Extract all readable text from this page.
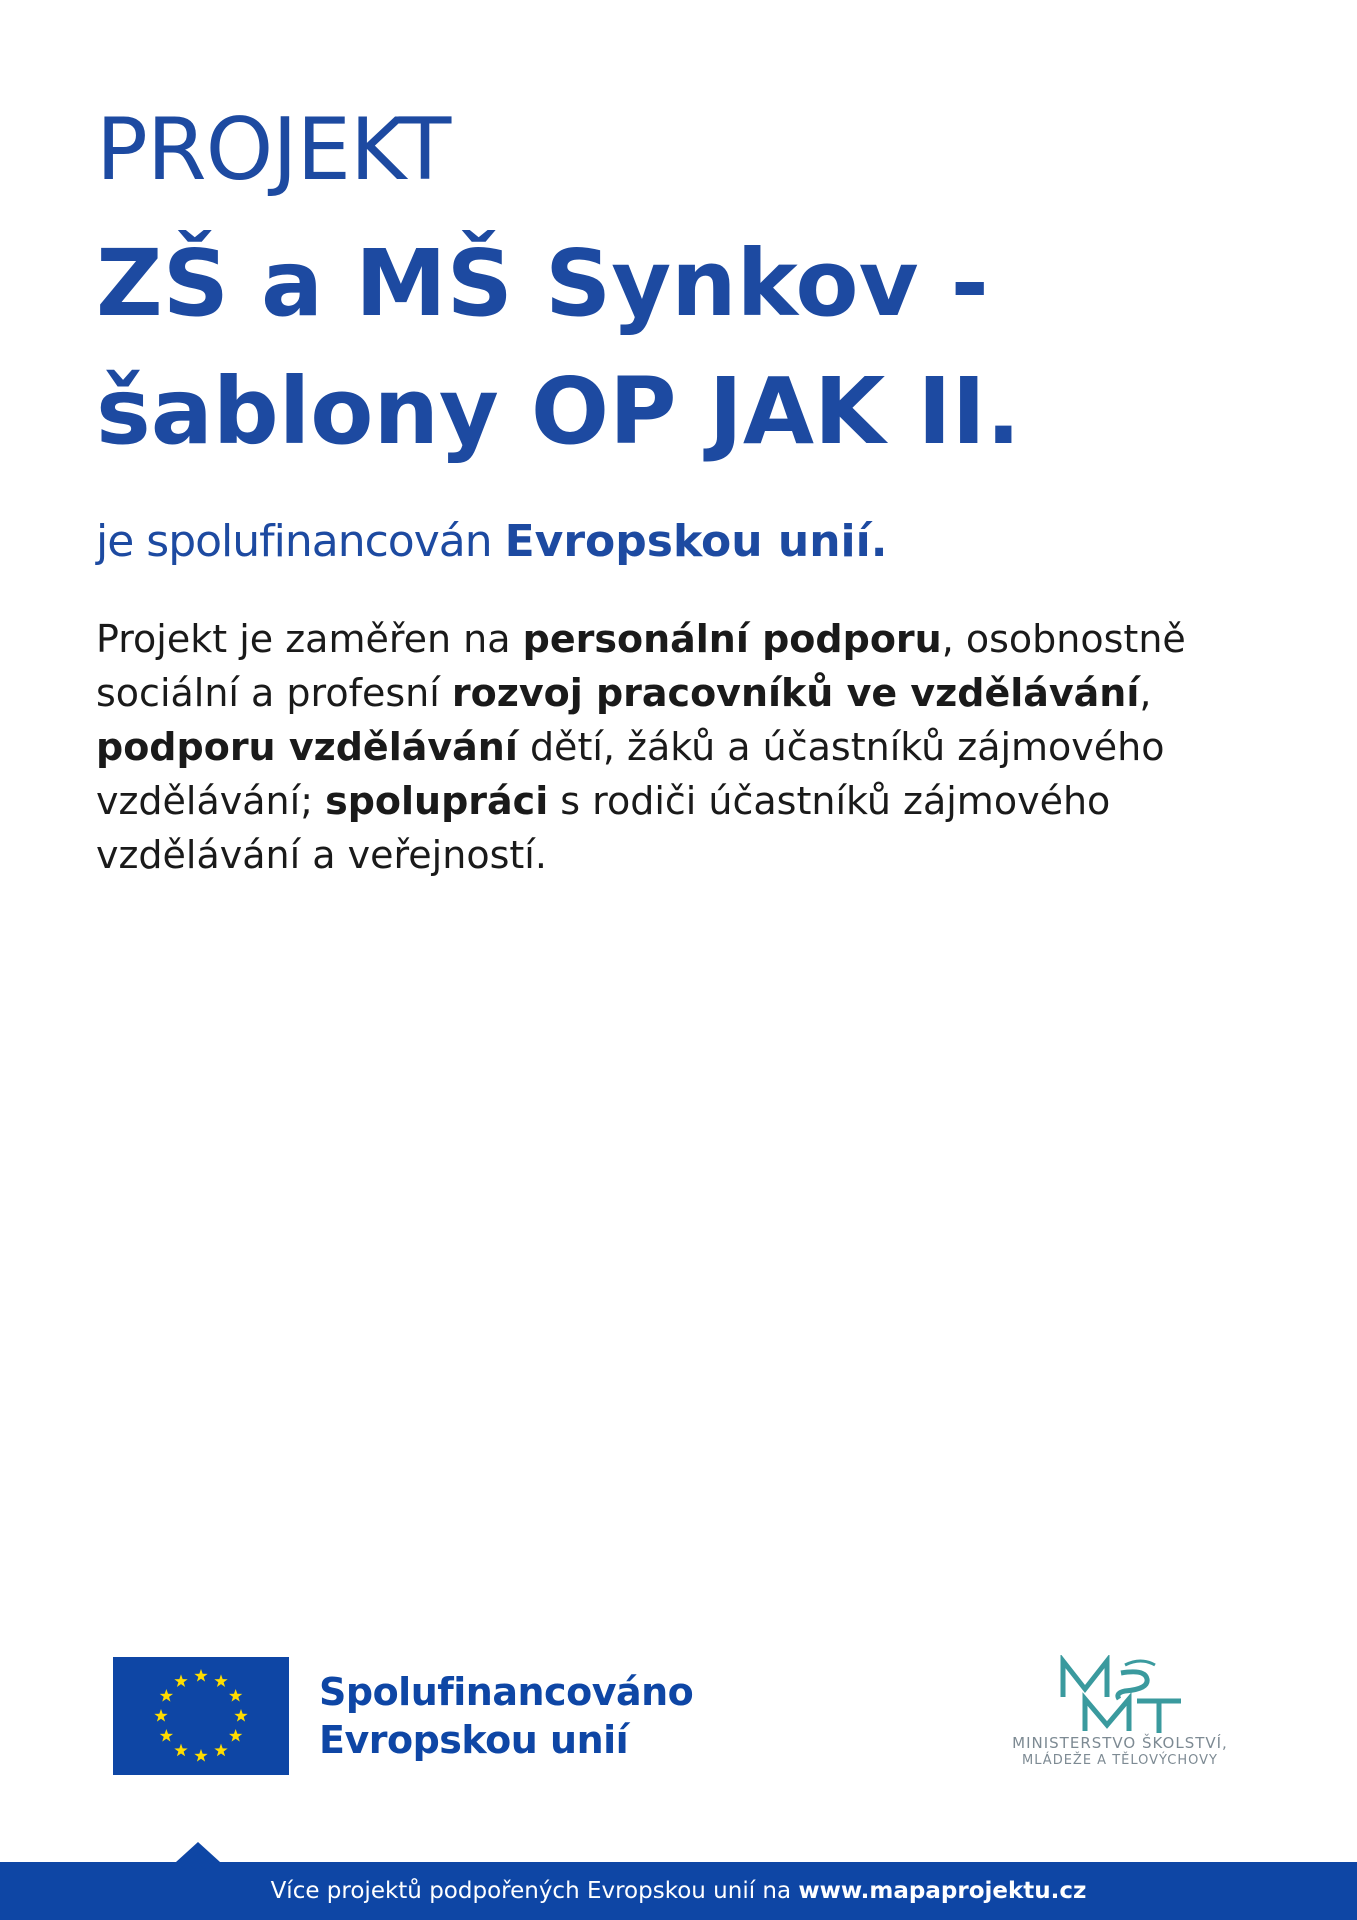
PROJEKT
ZŠ a MŠ Synkov -
šablony OP JAK II.

je spolufinancován Evropskou unií.

Projekt je zaměřen na personální podporu, osobnostně
sociální a profesní rozvoj pracovníků ve vzdělávání,
podporu vzdělávání dětí, žáků a účastníků zájmového
vzdělávání; spolupráci s rodiči účastníků zájmového
vzdělávání a veřejností.

Spolufinancováno
Evropskou unií	MINISTERSTVO ŠKOLSTVÍ,
MLÁDEŽE A TĚLOVÝCHOVY
Více projektů podpořených Evropskou unií na www.mapaprojektu.cz
